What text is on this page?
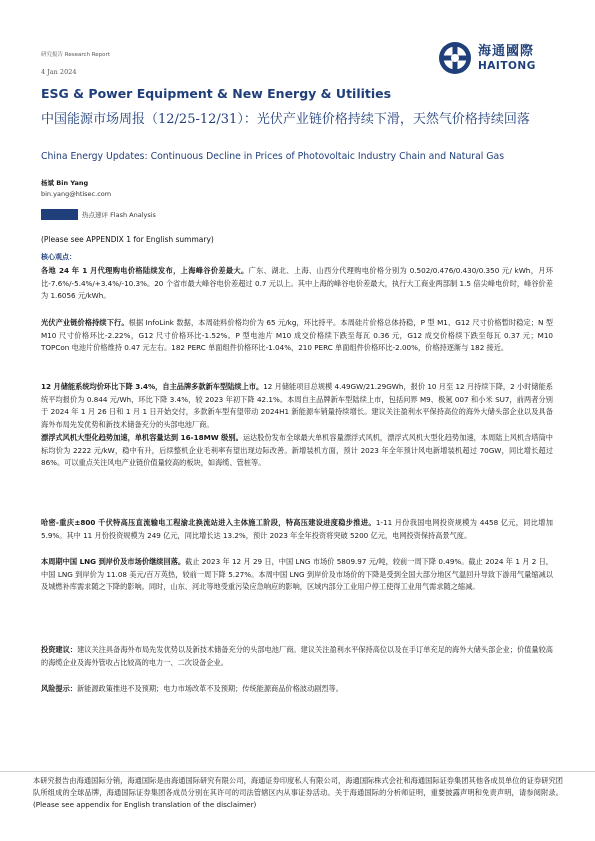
研究报告 Research Report
4 Jan 2024
海通國際
HAITONG
ESG & Power Equipment & New Energy & Utilities
中国能源市场周报（12/25-12/31）：光伏产业链价格持续下滑，天然气价格持续回落
China Energy Updates: Continuous Decline in Prices of Photovoltaic Industry Chain and Natural Gas
杨斌 Bin Yang
bin.yang@htisec.com
热点速评 Flash Analysis
(Please see APPENDIX 1 for English summary)
核心观点：
各地 24 年 1 月代理购电价格陆续发布，上海峰谷价差最大。广东、湖北、上海、山西分代理购电价格分别为 0.502/0.476/0.430/0.350 元/ kWh，月环比-7.6%/-5.4%/+3.4%/-10.3%。20 个省市最大峰谷电价差超过 0.7 元以上。其中上海的峰谷电价差最大，执行大工商业两部制 1.5 倍尖峰电价时，峰谷价差为 1.6056 元/kWh。
光伏产业链价格持续下行。根据 InfoLink 数据，本周硅料价格均价为 65 元/kg，环比持平。本周硅片价格总体持稳，P 型 M1、G12 尺寸价格暂时稳定；N 型 M10 尺寸价格环比-2.22%，G12 尺寸价格环比-1.52%。P 型电池片 M10 成交价格续下跌至每瓦 0.36 元，G12 成交价格续下跌至每瓦 0.37 元；M10 TOPCon 电池片价格维持 0.47 元左右。182 PERC 单面组件价格环比-1.04%，210 PERC 单面组件价格环比-2.00%，价格持逐渐与 182 接近。
12 月储能系统均价环比下降 3.4%，自主品牌多款新车型陆续上市。12 月储能项目总规模 4.49GW/21.29GWh，报价 10 月至 12 月持续下降，2 小时储能系统平均报价为 0.844 元/Wh，环比下降 3.4%，较 2023 年初下降 42.1%。本周自主品牌新车型陆续上市，包括问界 M9、极氪 007 和小米 SU7，前两者分别于 2024 年 1 月 26 日和 1 月 1 日开始交付，多款新车型有望带动 2024H1 新能源车销量持续增长。建议关注盈利水平保持高位的海外大储头部企业以及具备海外布局先发优势和新技术储备充分的头部电池厂商。
漂浮式风机大型化趋势加速，单机容量达到 16-18MW 级别。运达股份发布全球最大单机容量漂浮式风机，漂浮式风机大型化趋势加速，本周陆上风机含塔筒中标均价为 2222 元/kW，稳中有升，后续整机企业毛利率有望出现边际改善。新增装机方面，预计 2023 年全年预计风电新增装机超过 70GW，同比增长超过 86%。可以重点关注风电产业链价值量较高的板块，如海缆、管桩等。
哈密-重庆±800 千伏特高压直流输电工程渝北换流站进入主体施工阶段，特高压建设进度稳步推进。1-11 月份我国电网投资规模为 4458 亿元，同比增加 5.9%。其中 11 月份投资规模为 249 亿元，同比增长达 13.2%，预计 2023 年全年投资将突破 5200 亿元，电网投资保持高景气度。
本周期中国 LNG 到岸价及市场价继续回落。截止 2023 年 12 月 29 日，中国 LNG 市场价 5809.97 元/吨，较前一周下降 0.49%。截止 2024 年 1 月 2 日，中国 LNG 到岸价为 11.08 美元/百万英热，较前一周下降 5.27%。本周中国 LNG 到岸价及市场价的下降是受到全国大部分地区气温回升导致下游用气量缩减以及城燃补库需求随之下降的影响。同时，山东、河北等地受重污染应急响应的影响，区域内部分工业用户停工使得工业用气需求随之缩减。
投资建议：建议关注具备海外布局先发优势以及新技术储备充分的头部电池厂商。建议关注盈利水平保持高位以及在手订单充足的海外大储头部企业；价值量较高的海缆企业及海外管收占比较高的电力一、二次设备企业。
风险提示：新能源政策推进不及预期；电力市场改革不及预期；传统能源商品价格波动剧烈等。
本研究报告由海通国际分销，海通国际是由海通国际研究有限公司，海通证券印度私人有限公司，海通国际株式会社和海通国际证券集团其他各成员单位的证券研究团队所组成的全球品牌，海通国际证券集团各成员分别在其许可的司法管辖区内从事证券活动。关于海通国际的分析师证明，重要披露声明和免责声明，请参阅附录。(Please see appendix for English translation of the disclaimer)
